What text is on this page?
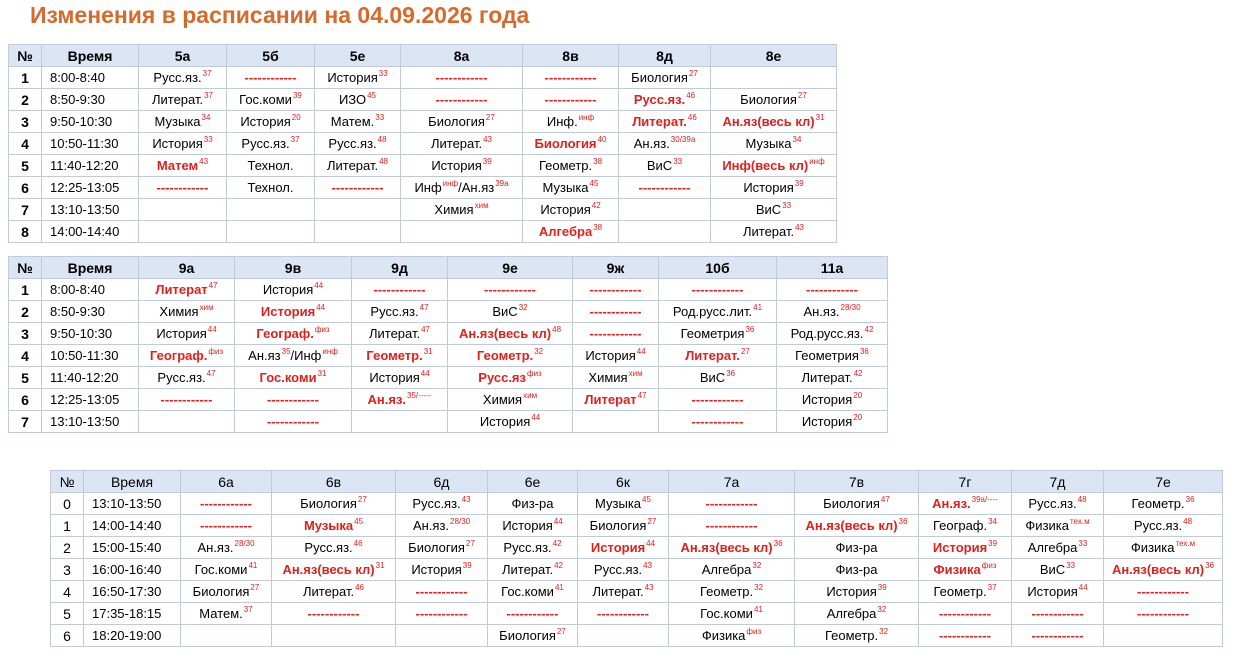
Изменения в расписании на 04.09.2026 года
№	Время	5а	5б	5е	8а	8в	8д	8е
1	8:00-8:40	Русс.яз.$^{37}$	------------	История$^{33}$	------------	------------	Биология$^{27}$	
2	8:50-9:30	Литерат.$^{37}$	Гос.коми$^{39}$	ИЗО$^{45}$	------------	------------	Русс.яз.$^{46}$	Биология$^{27}$
3	9:50-10:30	Музыка$^{34}$	История$^{20}$	Матем.$^{33}$	Биология$^{27}$	Инф.$^{инф}$	Литерат.$^{46}$	Ан.яз(весь кл)$^{31}$
4	10:50-11:30	История$^{33}$	Русс.яз.$^{37}$	Русс.яз.$^{48}$	Литерат.$^{43}$	Биология$^{40}$	Ан.яз.$^{30/39а}$	Музыка$^{34}$
5	11:40-12:20	Матем$^{43}$	Технол.	Литерат.$^{48}$	История$^{39}$	Геометр.$^{38}$	ВиС$^{33}$	Инф(весь кл)$^{инф}$
6	12:25-13:05	------------	Технол.	------------	$Инф^{инф}/Ан.яз^{39а}$	Музыка$^{45}$	------------	История$^{39}$
7	13:10-13:50				Химия$^{хим}$	История$^{42}$		ВиС$^{33}$
8	14:00-14:40					Алгебра$^{38}$		Литерат.$^{43}$
№	Время	9а	9в	9д	9е	9ж	10б	11а
1	8:00-8:40	Литерат$^{47}$	История$^{44}$	------------	------------	------------	------------	------------
2	8:50-9:30	Химия$^{хим}$	История$^{44}$	Русс.яз.$^{47}$	ВиС$^{32}$	------------	Род.русс.лит.$^{41}$	Ан.яз.$^{28/30}$
3	9:50-10:30	История$^{44}$	Географ.$^{физ}$	Литерат.$^{47}$	Ан.яз(весь кл)$^{48}$	------------	Геометрия$^{36}$	Род.русс.яз.$^{42}$
4	10:50-11:30	Географ.$^{физ}$	$Ан.яз^{35}/Инф^{инф}$	Геометр.$^{31}$	Геометр.$^{32}$	История$^{44}$	Литерат.$^{27}$	Геометрия$^{36}$
5	11:40-12:20	Русс.яз.$^{47}$	Гос.коми$^{31}$	История$^{44}$	$Русс.яз^{физ}$	Химия$^{хим}$	ВиС$^{36}$	Литерат.$^{42}$
6	12:25-13:05	------------	------------	Ан.яз.$^{35/-----}$	Химия$^{хим}$	Литерат$^{47}$	------------	История$^{20}$
7	13:10-13:50		------------		История$^{44}$		------------	История$^{20}$
№	Время	6а	6в	6д	6е	6к	7а	7в	7г	7д	7е
0	13:10-13:50	------------	Биология$^{27}$	Русс.яз.$^{43}$	Физ-ра	Музыка$^{45}$	------------	Биология$^{47}$	Ан.яз.$^{39а/----}$	Русс.яз.$^{48}$	Геометр.$^{36}$
1	14:00-14:40	------------	Музыка$^{45}$	Ан.яз.$^{28/30}$	История$^{44}$	Биология$^{27}$	------------	Ан.яз(весь кл)$^{36}$	Географ.$^{34}$	Физика$^{тех.м}$	Русс.яз.$^{48}$
2	15:00-15:40	Ан.яз.$^{28/30}$	Русс.яз.$^{46}$	Биология$^{27}$	Русс.яз.$^{42}$	История$^{44}$	Ан.яз(весь кл)$^{36}$	Физ-ра	История$^{39}$	Алгебра$^{33}$	Физика$^{тех.м}$
3	16:00-16:40	Гос.коми$^{41}$	Ан.яз(весь кл)$^{31}$	История$^{39}$	Литерат.$^{42}$	Русс.яз.$^{43}$	Алгебра$^{32}$	Физ-ра	Физика$^{физ}$	ВиС$^{33}$	Ан.яз(весь кл)$^{36}$
4	16:50-17:30	Биология$^{27}$	Литерат.$^{46}$	------------	Гос.коми$^{41}$	Литерат.$^{43}$	Геометр.$^{32}$	История$^{39}$	Геометр.$^{37}$	История$^{44}$	------------
5	17:35-18:15	Матем.$^{37}$	------------	------------	------------	------------	Гос.коми$^{41}$	Алгебра$^{32}$	------------	------------	------------
6	18:20-19:00				Биология$^{27}$		Физика$^{физ}$	Геометр.$^{32}$	------------	------------	
